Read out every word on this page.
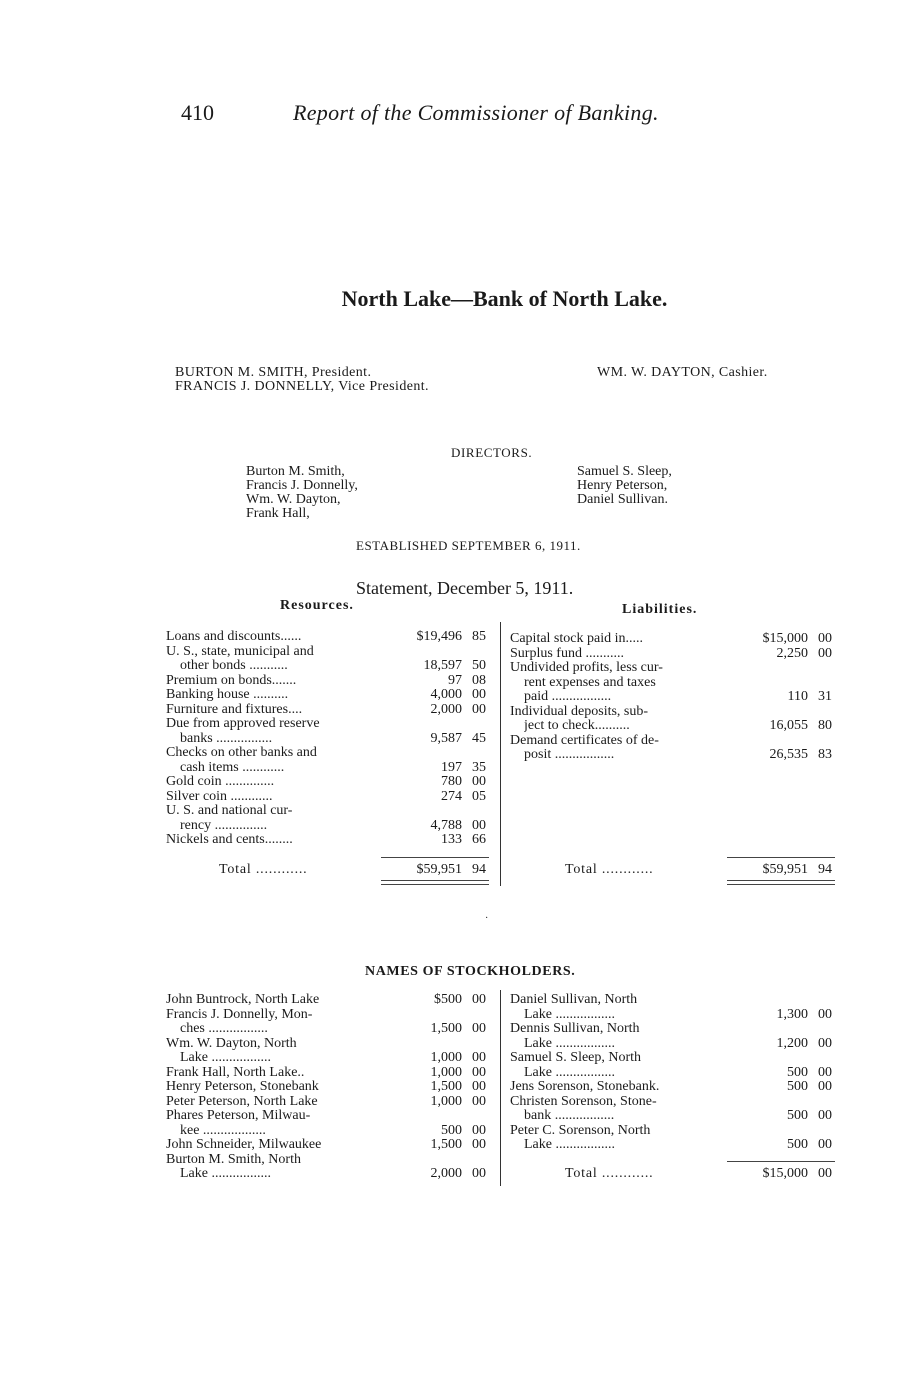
410	Report of the Commissioner of Banking.
North Lake—Bank of North Lake.
BURTON M. SMITH, President.
FRANCIS J. DONNELLY, Vice President.
WM. W. DAYTON, Cashier.
DIRECTORS.
Burton M. Smith,
Francis J. Donnelly,
Wm. W. Dayton,
Frank Hall,
Samuel S. Sleep,
Henry Peterson,
Daniel Sullivan.
ESTABLISHED SEPTEMBER 6, 1911.
Statement, December 5, 1911.
Resources.	Liabilities.
Loans and discounts......	$19,496 85
U. S., state, municipal and
other bonds ...........	18,597 50
Premium on bonds.......	97 08
Banking house ..........	4,000 00
Furniture and fixtures....	2,000 00
Due from approved reserve
banks ................	9,587 45
Checks on other banks and
cash items ............	197 35
Gold coin ..............	780 00
Silver coin ............	274 05
U. S. and national cur-
rency ...............	4,788 00
Nickels and cents........	133 66
Capital stock paid in.....	$15,000 00
Surplus fund ...........	2,250 00
Undivided profits, less cur-
rent expenses and taxes
paid .................	110 31
Individual deposits, sub-
ject to check..........	16,055 80
Demand certificates of de-
posit .................	26,535 83
Total ............	$59,951 94	Total ............	$59,951 94
·
NAMES OF STOCKHOLDERS.
John Buntrock, North Lake	$500 00
Francis J. Donnelly, Mon-
ches .................	1,500 00
Wm. W. Dayton, North
Lake .................	1,000 00
Frank Hall, North Lake..	1,000 00
Henry Peterson, Stonebank	1,500 00
Peter Peterson, North Lake	1,000 00
Phares Peterson, Milwau-
kee ..................	500 00
John Schneider, Milwaukee	1,500 00
Burton M. Smith, North
Lake .................	2,000 00
Daniel Sullivan, North
Lake .................	1,300 00
Dennis Sullivan, North
Lake .................	1,200 00
Samuel S. Sleep, North
Lake .................	500 00
Jens Sorenson, Stonebank.	500 00
Christen Sorenson, Stone-
bank .................	500 00
Peter C. Sorenson, North
Lake .................	500 00
Total ............	$15,000 00
